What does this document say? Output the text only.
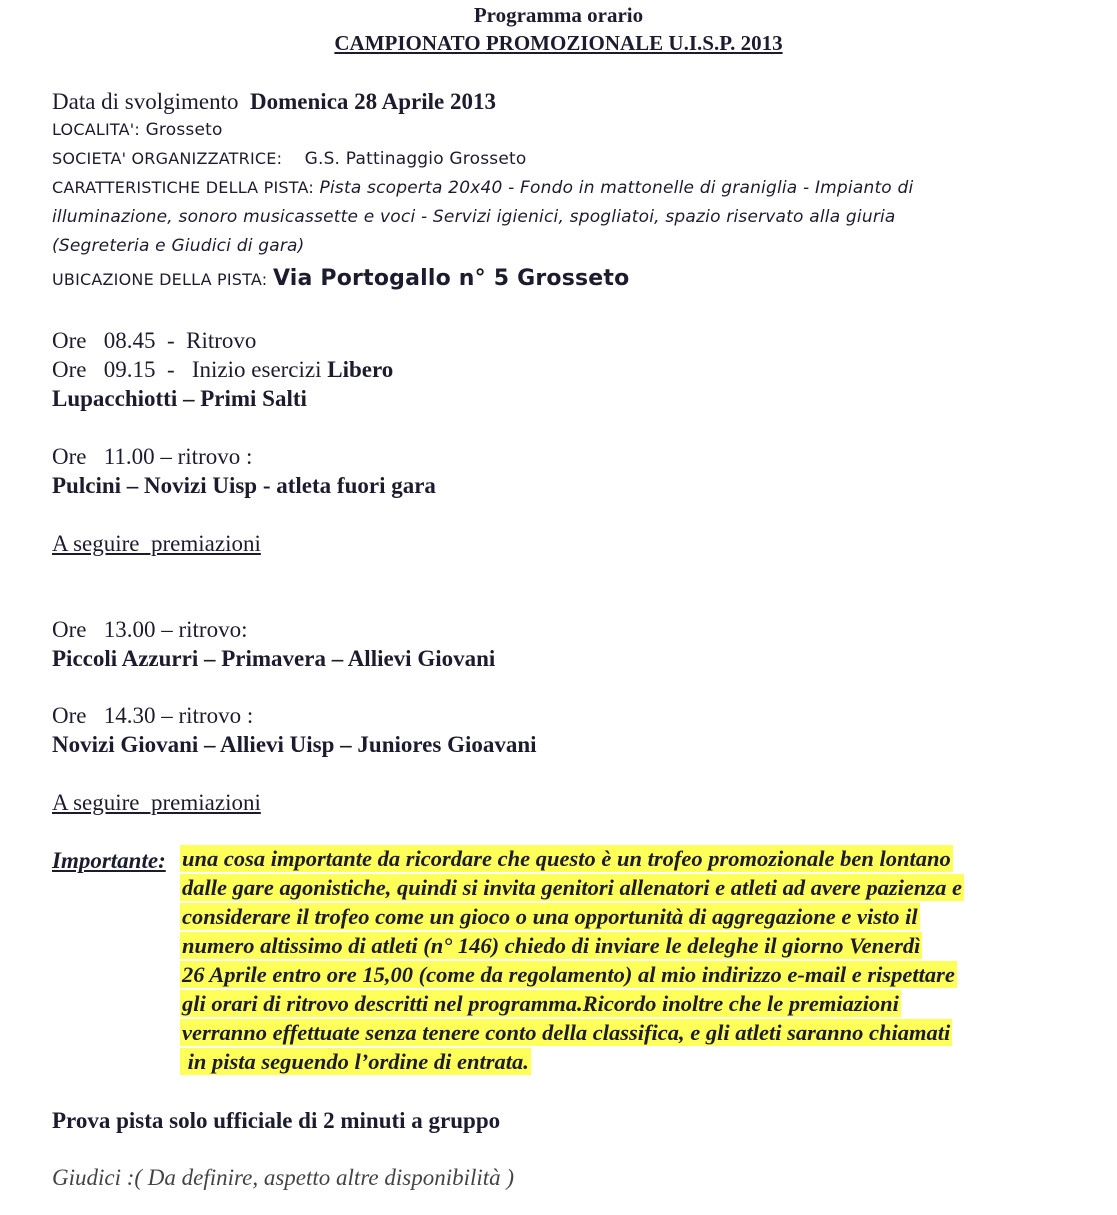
Programma orario
CAMPIONATO PROMOZIONALE U.I.S.P. 2013
Data di svolgimento Domenica 28 Aprile 2013
LOCALITA': Grosseto
SOCIETA' ORGANIZZATRICE: G.S. Pattinaggio Grosseto
CARATTERISTICHE DELLA PISTA: Pista scoperta 20x40 - Fondo in mattonelle di graniglia - Impianto di
illuminazione, sonoro musicassette e voci - Servizi igienici, spogliatoi, spazio riservato alla giuria
(Segreteria e Giudici di gara)
UBICAZIONE DELLA PISTA: Via Portogallo n° 5 Grosseto
Ore   08.45  -  Ritrovo
Ore   09.15  -   Inizio esercizi Libero
Lupacchiotti – Primi Salti
Ore   11.00 – ritrovo :
Pulcini – Novizi Uisp - atleta fuori gara
A seguire  premiazioni
Ore   13.00 – ritrovo:
Piccoli Azzurri – Primavera – Allievi Giovani
Ore   14.30 – ritrovo :
Novizi Giovani – Allievi Uisp – Juniores Gioavani
A seguire  premiazioni
Importante: una cosa importante da ricordare che questo è un trofeo promozionale ben lontano
dalle gare agonistiche, quindi si invita genitori allenatori e atleti ad avere pazienza e
considerare il trofeo come un gioco o una opportunità di aggregazione e visto il
numero altissimo di atleti (n° 146) chiedo di inviare le deleghe il giorno Venerdì
26 Aprile entro ore 15,00 (come da regolamento) al mio indirizzo e-mail e rispettare
gli orari di ritrovo descritti nel programma.Ricordo inoltre che le premiazioni
verranno effettuate senza tenere conto della classifica, e gli atleti saranno chiamati
in pista seguendo l’ordine di entrata.
Prova pista solo ufficiale di 2 minuti a gruppo
Giudici :( Da definire, aspetto altre disponibilità )
